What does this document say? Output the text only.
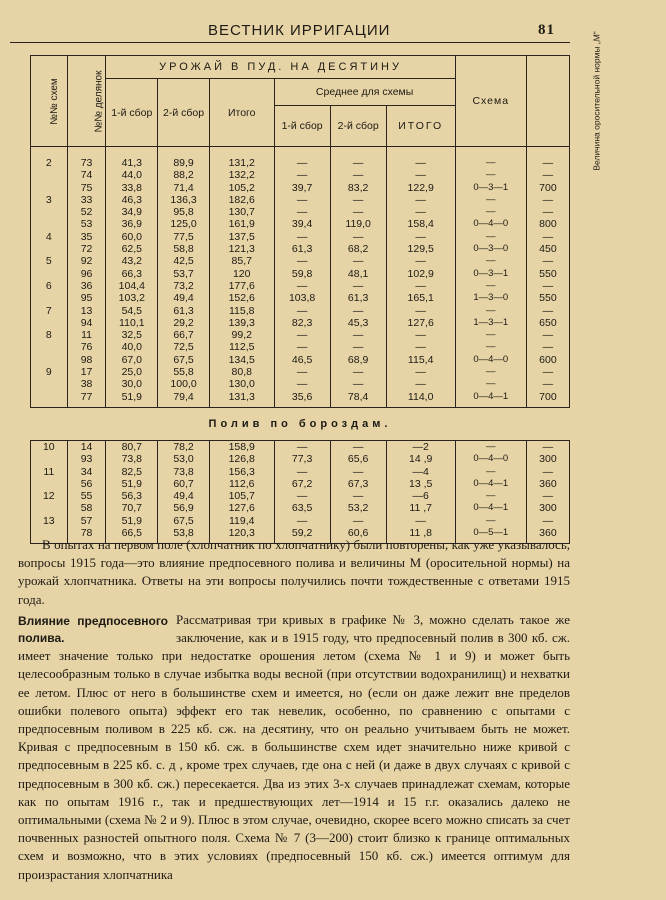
ВЕСТНИК ИРРИГАЦИИ	81
№№ схем	№№ делянок	УРОЖАЙ В ПУД. НА ДЕСЯТИНУ						Схема	Величина оросительной нормы „М“
		1-й сбор	2-й сбор	Итого	Среднее для схемы				
					1-й сбор	2-й сбор	ИТОГО		

2	73	41,3	89,9	131,2	—	—	—	—	—
	74	44,0	88,2	132,2	—	—	—	—	—
	75	33,8	71,4	105,2	39,7	83,2	122,9	0—3—1	700
3	33	46,3	136,3	182,6	—	—	—	—	—
	52	34,9	95,8	130,7	—	—	—	—	—
	53	36,9	125,0	161,9	39,4	119,0	158,4	0—4—0	800
4	35	60,0	77,5	137,5	—	—	—	—	—
	72	62,5	58,8	121,3	61,3	68,2	129,5	0—3—0	450
5	92	43,2	42,5	85,7	—	—	—	—	—
	96	66,3	53,7	120	59,8	48,1	102,9	0—3—1	550
6	36	104,4	73,2	177,6	—	—	—	—	—
	95	103,2	49,4	152,6	103,8	61,3	165,1	1—3—0	550
7	13	54,5	61,3	115,8	—	—	—	—	—
	94	110,1	29,2	139,3	82,3	45,3	127,6	1—3—1	650
8	11	32,5	66,7	99,2	—	—	—	—	—
	76	40,0	72,5	112,5	—	—	—	—	—
	98	67,0	67,5	134,5	46,5	68,9	115,4	0—4—0	600
9	17	25,0	55,8	80,8	—	—	—	—	—
	38	30,0	100,0	130,0	—	—	—	—	—
	77	51,9	79,4	131,3	35,6	78,4	114,0	0—4—1	700

Полив по бороздам.									
10	14	80,7	78,2	158,9	—	—	—2	—	—
	93	73,8	53,0	126,8	77,3	65,6	14 ,9	0—4—0	300
11	34	82,5	73,8	156,3	—	—	—4	—	—
	56	51,9	60,7	112,6	67,2	67,3	13 ,5	0—4—1	360
12	55	56,3	49,4	105,7	—	—	—6	—	—
	58	70,7	56,9	127,6	63,5	53,2	11 ,7	0—4—1	300
13	57	51,9	67,5	119,4	—	—	—	—	—
	78	66,5	53,8	120,3	59,2	60,6	11 ,8	0—5—1	360

В опытах на первом поле (хлопчатник по хлопчатнику) были повторены, как уже указывалось, вопросы 1915 года—это влияние предпосевного полива и величины М (оросительной нормы) на урожай хлопчатника. Ответы на эти вопросы получились почти тождественные с ответами 1915 года.

Влияние предпосевного полива.
Рассматривая три кривых в графике № 3, можно сделать такое же заключение, как и в 1915 году, что предпосевный полив в 300 кб. сж. имеет значение только при недостатке орошения летом (схема № 1 и 9) и может быть целесообразным только в случае избытка воды весной (при отсутствии водохранилищ) и нехватки ее летом. Плюс от него в большинстве схем и имеется, но (если он даже лежит вне пределов ошибки полевого опыта) эффект его так невелик, особенно, по сравнению с опытами с предпосевным поливом в 225 кб. сж. на десятину, что он реально учитываем быть не может. Кривая с предпосевным в 150 кб. сж. в большинстве схем идет значительно ниже кривой с предпосевным в 225 кб. с. д , кроме трех случаев, где она с ней (и даже в двух случаях с кривой с предпосевным в 300 кб. сж.) пересекается. Два из этих 3-х случаев принадлежат схемам, которые как по опытам 1916 г., так и предшествующих лет—1914 и 15 г.г. оказались далеко не оптимальными (схема № 2 и 9). Плюс в этом случае, очевидно, скорее всего можно списать за счет почвенных разностей опытного поля. Схема № 7 (3—200) стоит близко к границе оптимальных схем и возможно, что в этих условиях (предпосевный 150 кб. сж.) имеется оптимум для произрастания хлопчатника
